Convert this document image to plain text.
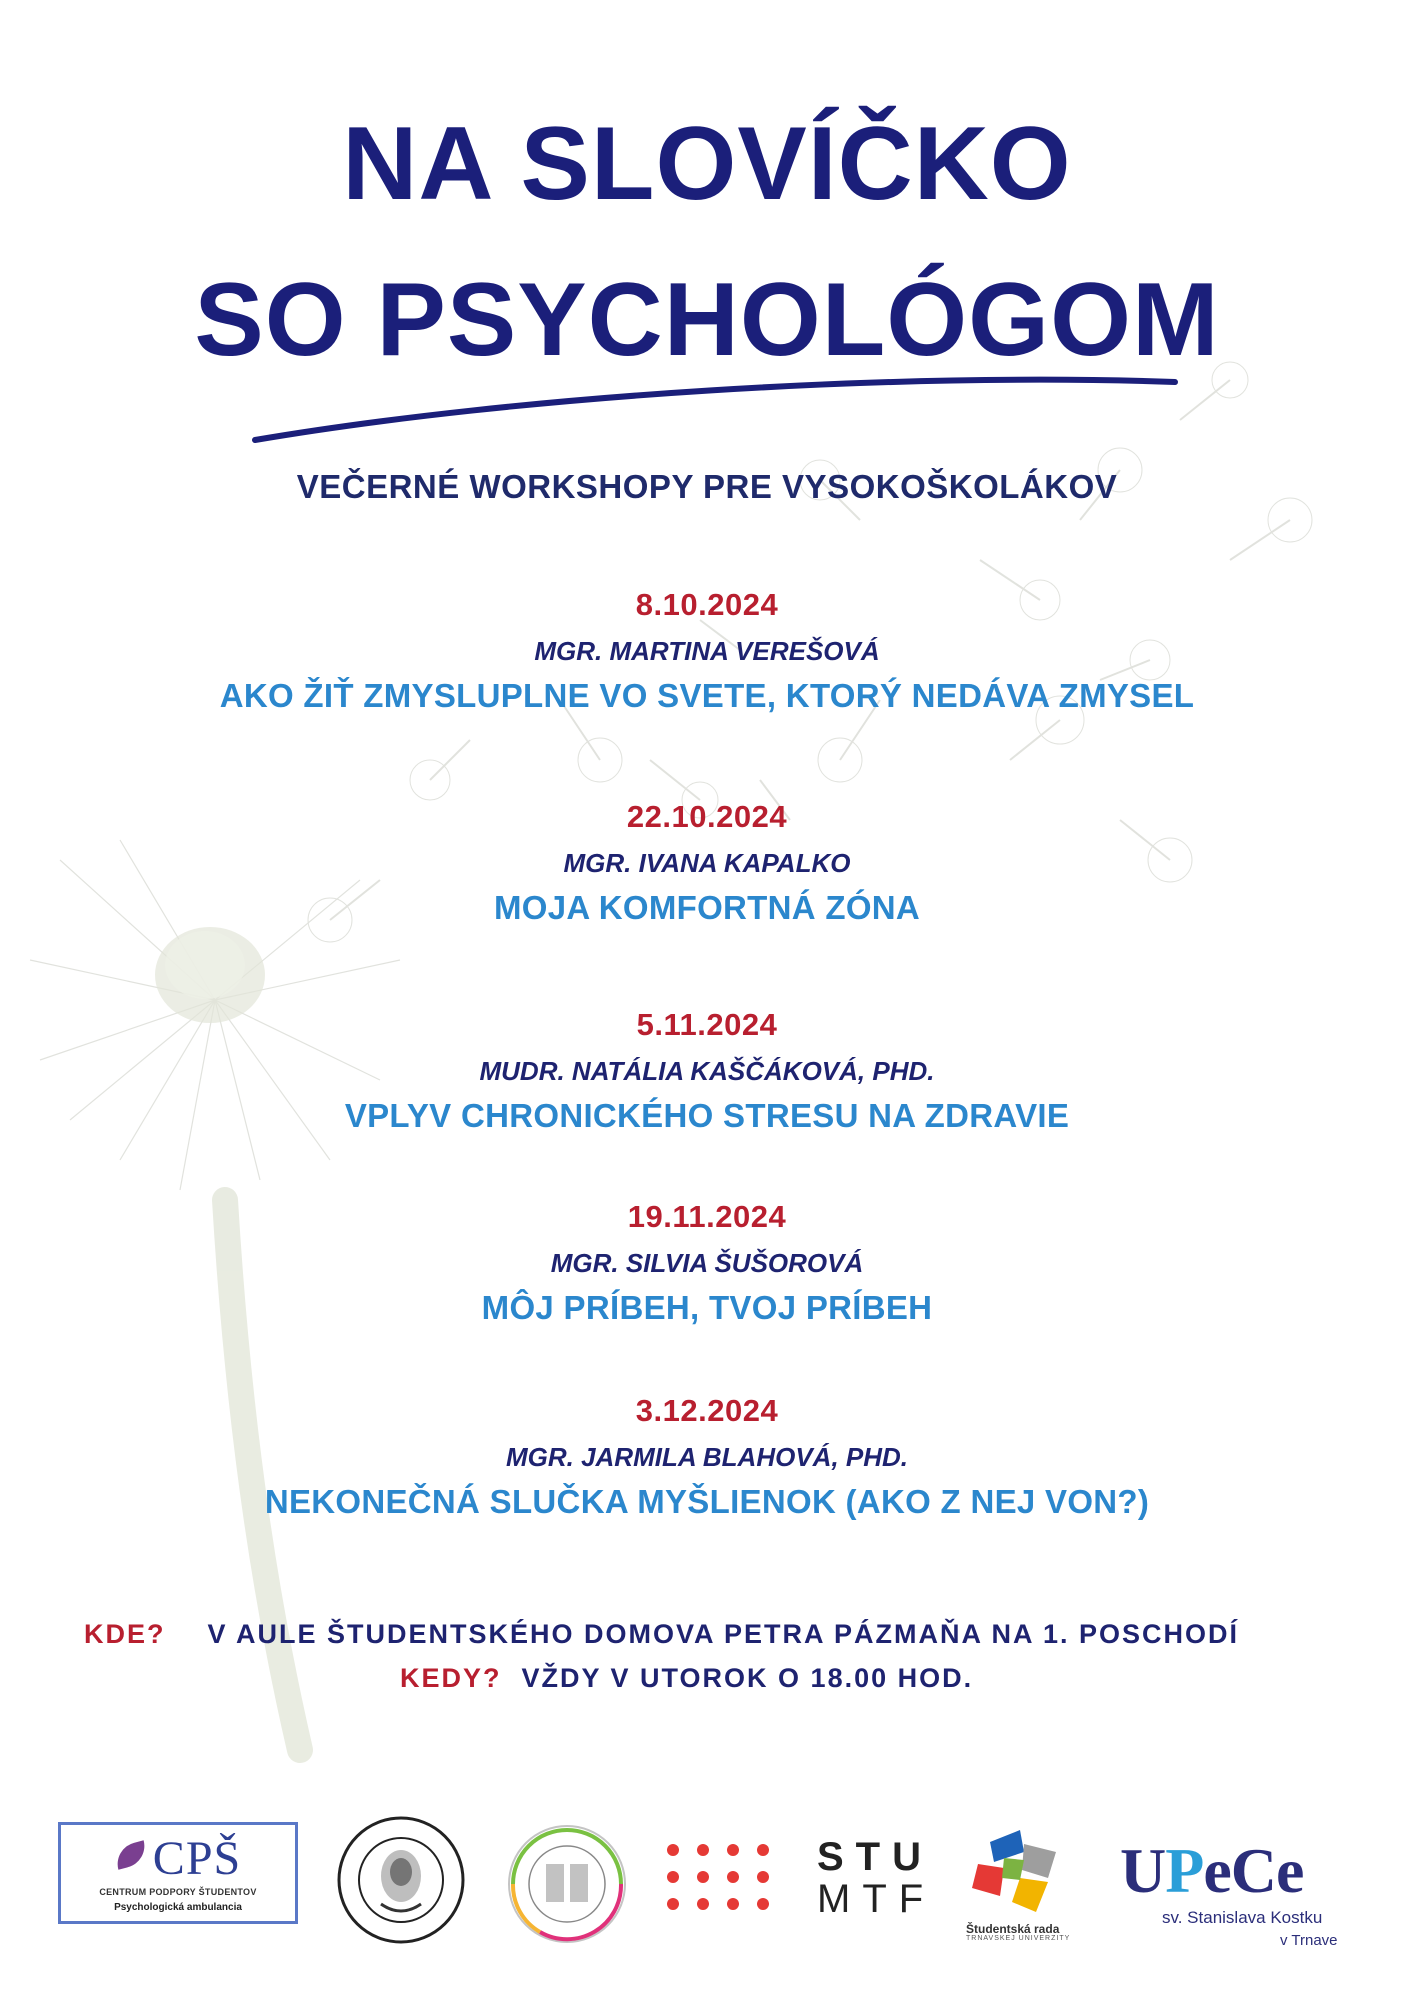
NA SLOVÍČKO
SO PSYCHOLÓGOM
VEČERNÉ WORKSHOPY PRE VYSOKOŠKOLÁKOV
8.10.2024
MGR. MARTINA VEREŠOVÁ
AKO ŽIŤ ZMYSLUPLNE VO SVETE, KTORÝ NEDÁVA ZMYSEL
22.10.2024
MGR. IVANA KAPALKO
MOJA KOMFORTNÁ ZÓNA
5.11.2024
MUDR. NATÁLIA KAŠČÁKOVÁ, PHD.
VPLYV CHRONICKÉHO STRESU NA ZDRAVIE
19.11.2024
MGR. SILVIA ŠUŠOROVÁ
MÔJ PRÍBEH, TVOJ PRÍBEH
3.12.2024
MGR. JARMILA BLAHOVÁ, PHD.
NEKONEČNÁ SLUČKA MYŠLIENOK (AKO Z NEJ VON?)
KDE? V AULE ŠTUDENTSKÉHO DOMOVA PETRA PÁZMAŇA NA 1. POSCHODÍ
KEDY? VŽDY V UTOROK O 18.00 HOD.
CPŠ
CENTRUM PODPORY ŠTUDENTOV
Psychologická ambulancia
STU
MTF
Študentská rada
TRNAVSKEJ UNIVERZITY
UPeCe
sv. Stanislava Kostku
v Trnave
